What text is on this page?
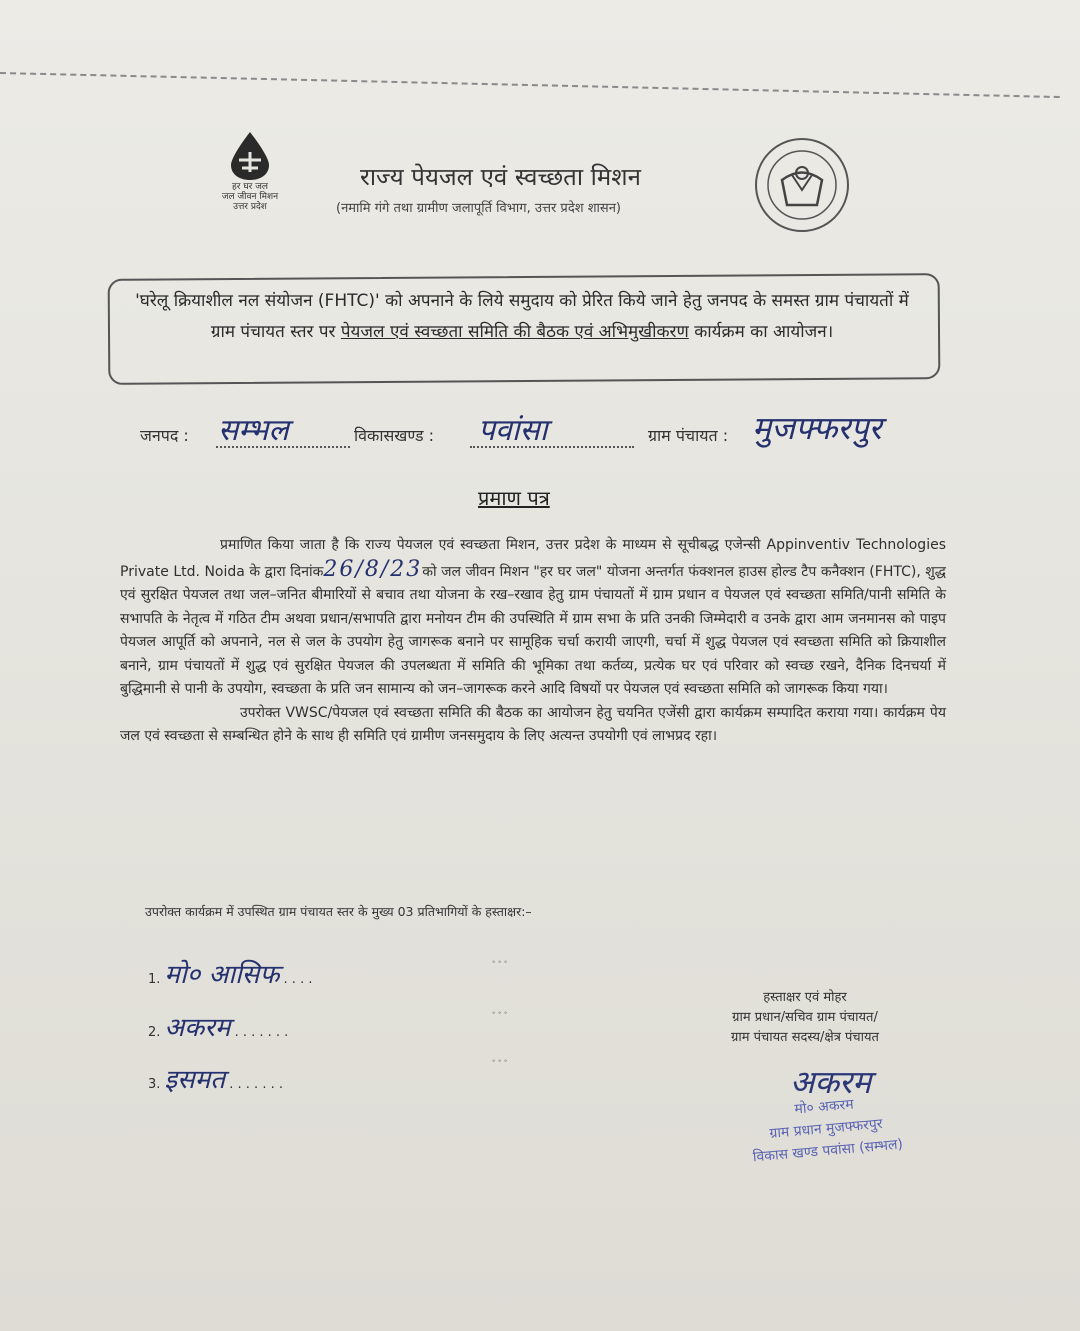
हर घर जल
जल जीवन मिशन
उत्तर प्रदेश
राज्य पेयजल एवं स्वच्छता मिशन
(नमामि गंगे तथा ग्रामीण जलापूर्ति विभाग, उत्तर प्रदेश शासन)
'घरेलू क्रियाशील नल संयोजन (FHTC)' को अपनाने के लिये समुदाय को प्रेरित किये जाने हेतु जनपद के समस्त ग्राम पंचायतों में ग्राम पंचायत स्तर पर पेयजल एवं स्वच्छता समिति की बैठक एवं अभिमुखीकरण कार्यक्रम का आयोजन।
जनपद : सम्भल	विकासखण्ड : पवांसा	ग्राम पंचायत : मुजफ्फरपुर
प्रमाण पत्र

प्रमाणित किया जाता है कि राज्य पेयजल एवं स्वच्छता मिशन, उत्तर प्रदेश के माध्यम से सूचीबद्ध एजेन्सी Appinventiv Technologies Private Ltd. Noida के द्वारा दिनांक26/8/23को जल जीवन मिशन "हर घर जल" योजना अन्तर्गत फंक्शनल हाउस होल्ड टैप कनैक्शन (FHTC), शुद्ध एवं सुरक्षित पेयजल तथा जल–जनित बीमारियों से बचाव तथा योजना के रख–रखाव हेतु ग्राम पंचायतों में ग्राम प्रधान व पेयजल एवं स्वच्छता समिति/पानी समिति के सभापति के नेतृत्व में गठित टीम अथवा प्रधान/सभापति द्वारा मनोयन टीम की उपस्थिति में ग्राम सभा के प्रति उनकी जिम्मेदारी व उनके द्वारा आम जनमानस को पाइप पेयजल आपूर्ति को अपनाने, नल से जल के उपयोग हेतु जागरूक बनाने पर सामूहिक चर्चा करायी जाएगी, चर्चा में शुद्ध पेयजल एवं स्वच्छता समिति को क्रियाशील बनाने, ग्राम पंचायतों में शुद्ध एवं सुरक्षित पेयजल की उपलब्धता में समिति की भूमिका तथा कर्तव्य, प्रत्येक घर एवं परिवार को स्वच्छ रखने, दैनिक दिनचर्या में बुद्धिमानी से पानी के उपयोग, स्वच्छता के प्रति जन सामान्य को जन–जागरूक करने आदि विषयों पर पेयजल एवं स्वच्छता समिति को जागरूक किया गया।

उपरोक्त VWSC/पेयजल एवं स्वच्छता समिति की बैठक का आयोजन हेतु चयनित एजेंसी द्वारा कार्यक्रम सम्पादित कराया गया। कार्यक्रम पेय जल एवं स्वच्छता से सम्बन्धित होने के साथ ही समिति एवं ग्रामीण जनसमुदाय के लिए अत्यन्त उपयोगी एवं लाभप्रद रहा।

उपरोक्त कार्यक्रम में उपस्थित ग्राम पंचायत स्तर के मुख्य 03 प्रतिभागियों के हस्ताक्षर:–
1. मो० आसिफ . . . .
॰ ॰ ॰
2. अकरम . . . . . . .
॰ ॰ ॰
3. इसमत . . . . . . .
॰ ॰ ॰
हस्ताक्षर एवं मोहर
ग्राम प्रधान/सचिव ग्राम पंचायत/
ग्राम पंचायत सदस्य/क्षेत्र पंचायत
अकरम
मो० अकरम
ग्राम प्रधान मुजफ्फरपुर
विकास खण्ड पवांसा (सम्भल)
